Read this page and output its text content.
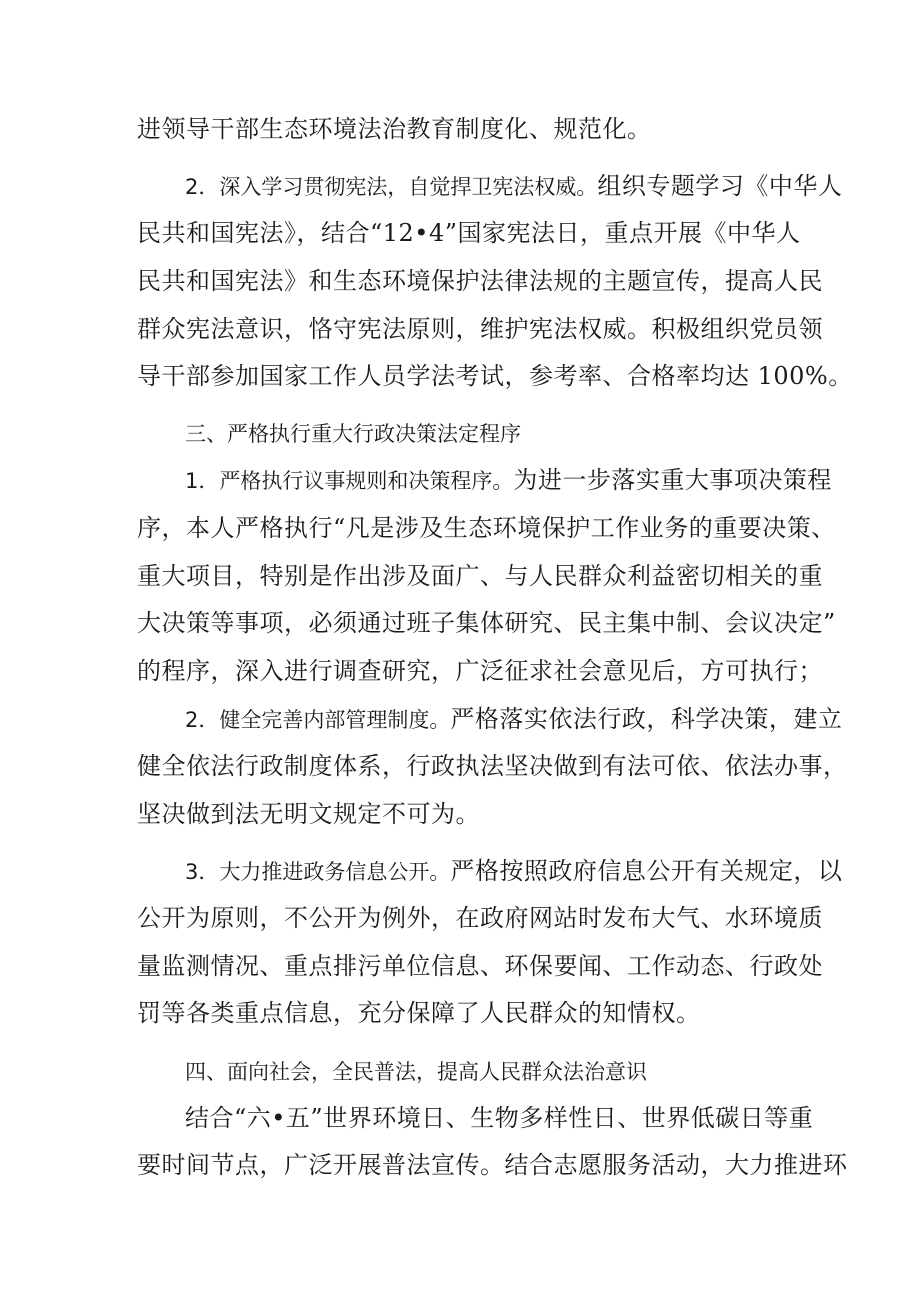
进领导干部生态环境法治教育制度化、规范化。
2．深入学习贯彻宪法，自觉捍卫宪法权威。组织专题学习《中华人
民共和国宪法》，结合“12•4”国家宪法日，重点开展《中华人
民共和国宪法》和生态环境保护法律法规的主题宣传，提高人民
群众宪法意识，恪守宪法原则，维护宪法权威。积极组织党员领
导干部参加国家工作人员学法考试，参考率、合格率均达 100%。
三、严格执行重大行政决策法定程序
1．严格执行议事规则和决策程序。为进一步落实重大事项决策程
序，本人严格执行“凡是涉及生态环境保护工作业务的重要决策、
重大项目，特别是作出涉及面广、与人民群众利益密切相关的重
大决策等事项，必须通过班子集体研究、民主集中制、会议决定”
的程序，深入进行调查研究，广泛征求社会意见后，方可执行；
2．健全完善内部管理制度。严格落实依法行政，科学决策，建立
健全依法行政制度体系，行政执法坚决做到有法可依、依法办事，
坚决做到法无明文规定不可为。
3．大力推进政务信息公开。严格按照政府信息公开有关规定，以
公开为原则，不公开为例外，在政府网站时发布大气、水环境质
量监测情况、重点排污单位信息、环保要闻、工作动态、行政处
罚等各类重点信息，充分保障了人民群众的知情权。
四、面向社会，全民普法，提高人民群众法治意识
结合“六•五”世界环境日、生物多样性日、世界低碳日等重
要时间节点，广泛开展普法宣传。结合志愿服务活动，大力推进环
